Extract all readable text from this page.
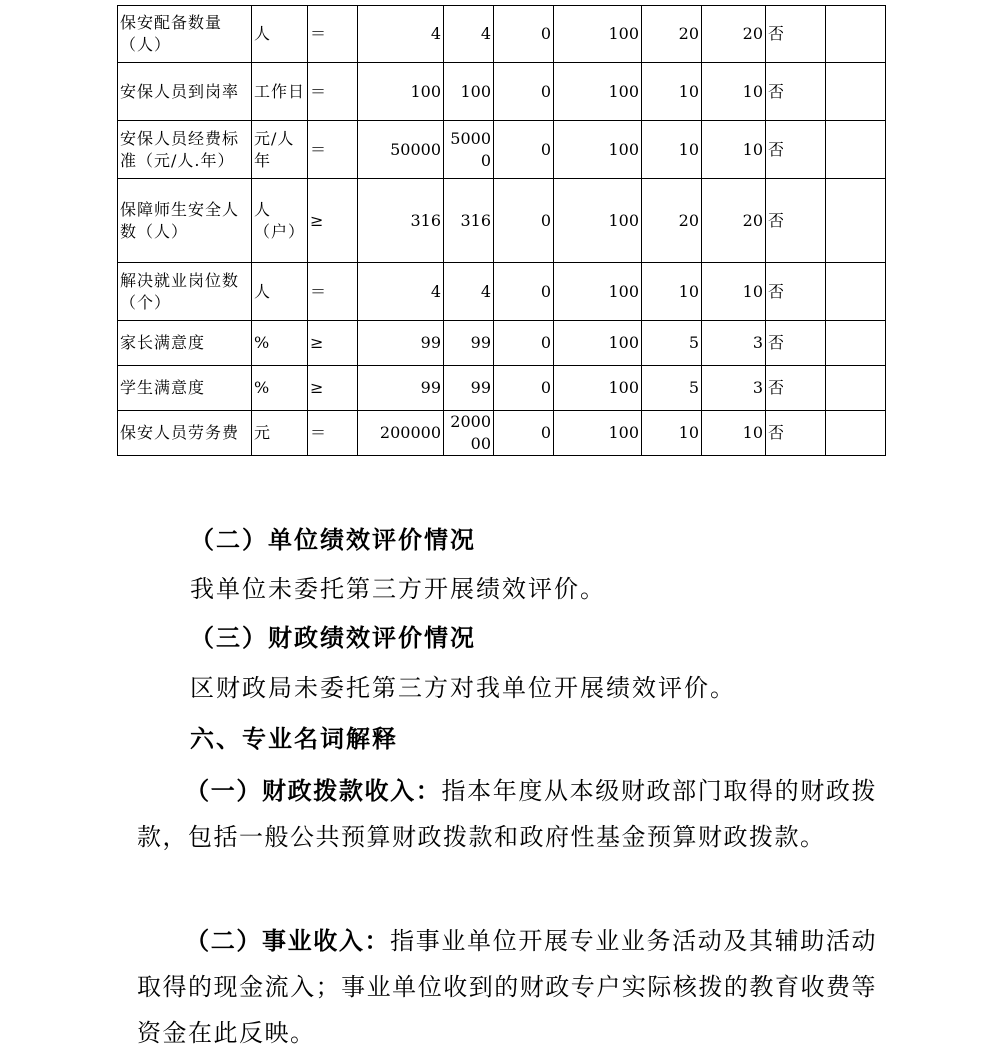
保安配备数量（人）	人	＝	4	4	0	100	20	20	否	
安保人员到岗率	工作日	＝	100	100	0	100	10	10	否	
安保人员经费标准（元/人.年）	元/人年	＝	50000	50000	0	100	10	10	否	
保障师生安全人数（人）	人（户）	≥	316	316	0	100	20	20	否	
解决就业岗位数（个）	人	＝	4	4	0	100	10	10	否	
家长满意度	%	≥	99	99	0	100	5	3	否	
学生满意度	%	≥	99	99	0	100	5	3	否	
保安人员劳务费	元	＝	200000	200000	0	100	10	10	否	
（二）单位绩效评价情况
我单位未委托第三方开展绩效评价。
（三）财政绩效评价情况
区财政局未委托第三方对我单位开展绩效评价。
六、专业名词解释
（一）财政拨款收入：指本年度从本级财政部门取得的财政拨款，包括一般公共预算财政拨款和政府性基金预算财政拨款。
（二）事业收入：指事业单位开展专业业务活动及其辅助活动取得的现金流入；事业单位收到的财政专户实际核拨的教育收费等资金在此反映。
